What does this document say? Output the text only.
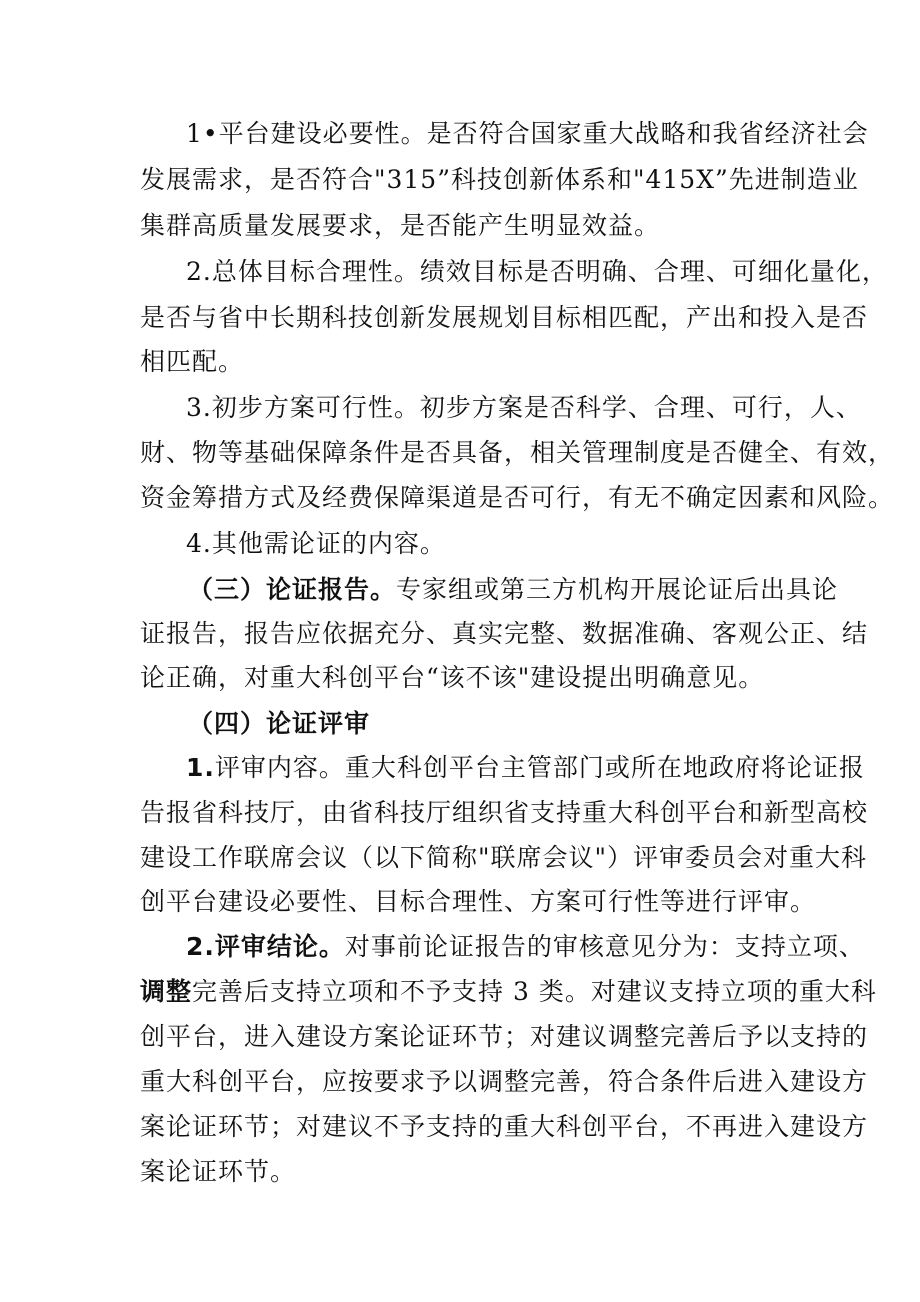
1•平台建设必要性。是否符合国家重大战略和我省经济社会
发展需求，是否符合"315”科技创新体系和"415X”先进制造业
集群高质量发展要求，是否能产生明显效益。
2.总体目标合理性。绩效目标是否明确、合理、可细化量化，
是否与省中长期科技创新发展规划目标相匹配，产出和投入是否
相匹配。
3.初步方案可行性。初步方案是否科学、合理、可行，人、
财、物等基础保障条件是否具备，相关管理制度是否健全、有效，
资金筹措方式及经费保障渠道是否可行，有无不确定因素和风险。
4.其他需论证的内容。
（三）论证报告。专家组或第三方机构开展论证后出具论
证报告，报告应依据充分、真实完整、数据准确、客观公正、结
论正确，对重大科创平台“该不该"建设提出明确意见。
（四）论证评审
1.评审内容。重大科创平台主管部门或所在地政府将论证报
告报省科技厅，由省科技厅组织省支持重大科创平台和新型高校
建设工作联席会议（以下简称"联席会议"）评审委员会对重大科
创平台建设必要性、目标合理性、方案可行性等进行评审。
2.评审结论。对事前论证报告的审核意见分为：支持立项、
调整完善后支持立项和不予支持 3 类。对建议支持立项的重大科
创平台，进入建设方案论证环节；对建议调整完善后予以支持的
重大科创平台，应按要求予以调整完善，符合条件后进入建设方
案论证环节；对建议不予支持的重大科创平台，不再进入建设方
案论证环节。
